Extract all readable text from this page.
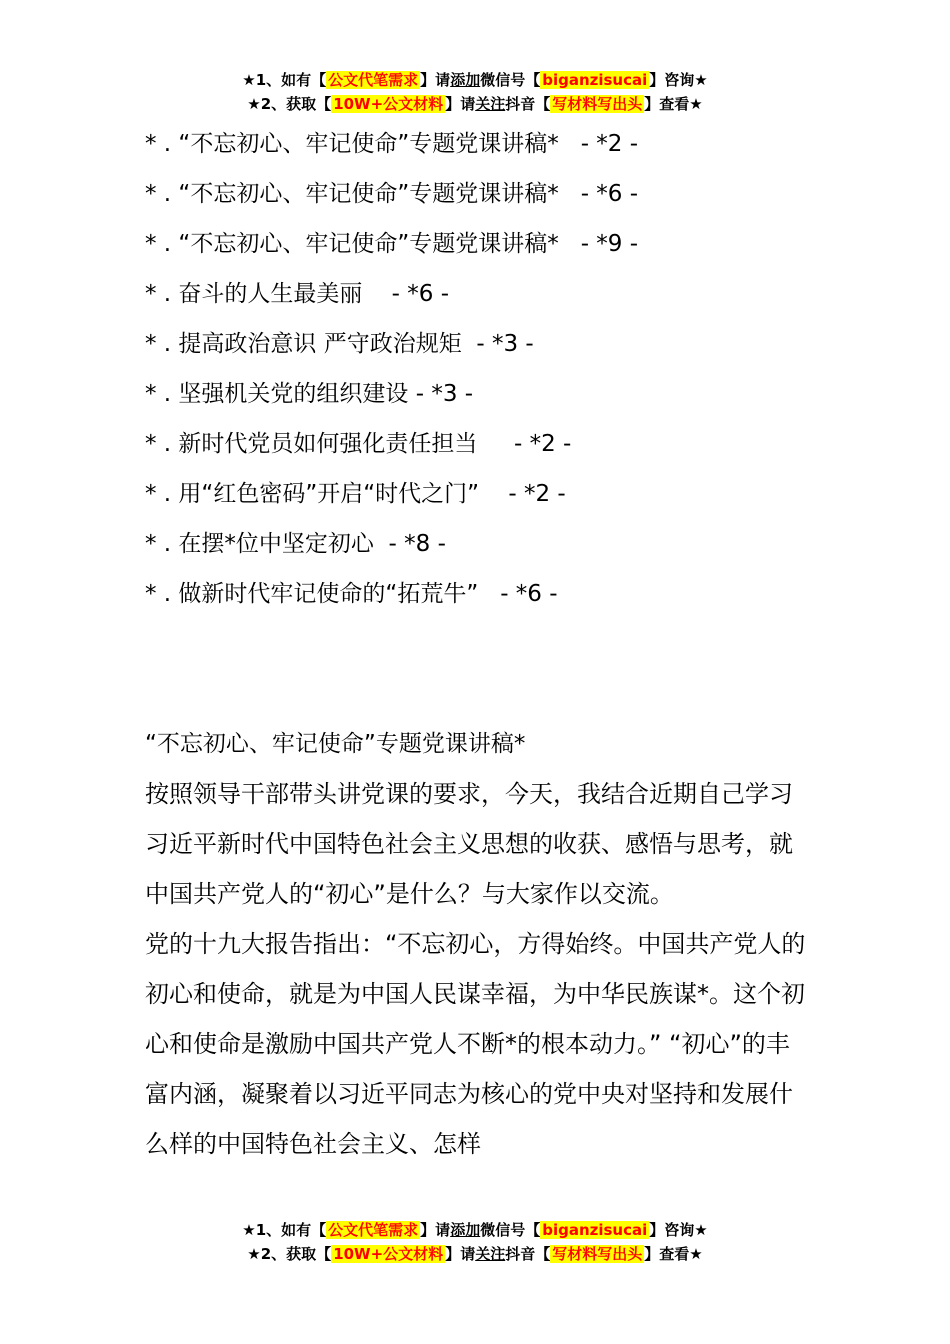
★1、如有【 公文代笔需求 】请添加微信号【 biganzisucai 】咨询★
★2、获取【 10W+公文材料 】请关注抖音【 写材料写出头 】查看★
* . “不忘初心、牢记使命”专题党课讲稿*   - *2 -
* . “不忘初心、牢记使命”专题党课讲稿*   - *6 -
* . “不忘初心、牢记使命”专题党课讲稿*   - *9 -
* . 奋斗的人生最美丽    - *6 -
* . 提高政治意识 严守政治规矩  - *3 -
* . 坚强机关党的组织建设 - *3 -
* . 新时代党员如何强化责任担当     - *2 -
* . 用“红色密码”开启“时代之门”    - *2 -
* . 在摆*位中坚定初心  - *8 -
* . 做新时代牢记使命的“拓荒牛”   - *6 -

“不忘初心、牢记使命”专题党课讲稿*

按照领导干部带头讲党课的要求，今天，我结合近期自己学习习近平新时代中国特色社会主义思想的收获、感悟与思考，就中国共产党人的“初心”是什么？与大家作以交流。

党的十九大报告指出：“不忘初心，方得始终。中国共产党人的初心和使命，就是为中国人民谋幸福，为中华民族谋*。这个初心和使命是激励中国共产党人不断*的根本动力。” “初心”的丰富内涵，凝聚着以习近平同志为核心的党中央对坚持和发展什么样的中国特色社会主义、怎样

★1、如有【 公文代笔需求 】请添加微信号【 biganzisucai 】咨询★
★2、获取【 10W+公文材料 】请关注抖音【 写材料写出头 】查看★
